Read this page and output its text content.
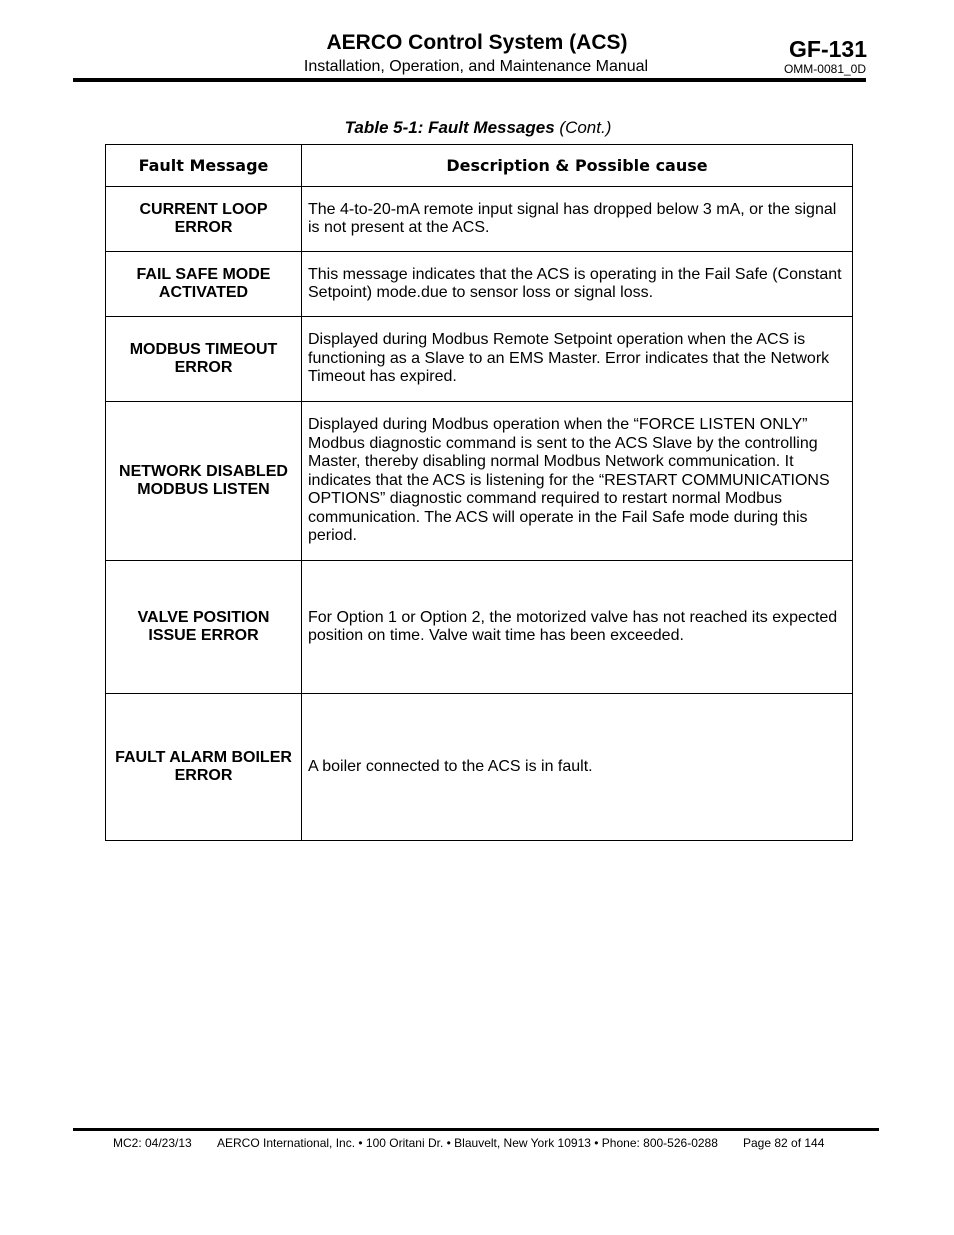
AERCO Control System (ACS)
Installation, Operation, and Maintenance Manual
GF-131
OMM-0081_0D
Table 5-1: Fault Messages (Cont.)
Fault Message	Description & Possible cause
CURRENT LOOP ERROR	The 4-to-20-mA remote input signal has dropped below 3 mA, or the signal is not present at the ACS.
FAIL SAFE MODE ACTIVATED	This message indicates that the ACS is operating in the Fail Safe (Constant Setpoint) mode.due to sensor loss or signal loss.
MODBUS TIMEOUT ERROR	Displayed during Modbus Remote Setpoint operation when the ACS is functioning as a Slave to an EMS Master. Error indicates that the Network Timeout has expired.
NETWORK DISABLED MODBUS LISTEN	Displayed during Modbus operation when the “FORCE LISTEN ONLY” Modbus diagnostic command is sent to the ACS Slave by the controlling Master, thereby disabling normal Modbus Network communication. It indicates that the ACS is listening for the “RESTART COMMUNICATIONS OPTIONS” diagnostic command required to restart normal Modbus communication. The ACS will operate in the Fail Safe mode during this period.
VALVE POSITION ISSUE ERROR	For Option 1 or Option 2, the motorized valve has not reached its expected position on time. Valve wait time has been exceeded.
FAULT ALARM BOILER ERROR	A boiler connected to the ACS is in fault.
MC2: 04/23/13 AERCO International, Inc. • 100 Oritani Dr. • Blauvelt, New York 10913 • Phone: 800-526-0288 Page 82 of 144
